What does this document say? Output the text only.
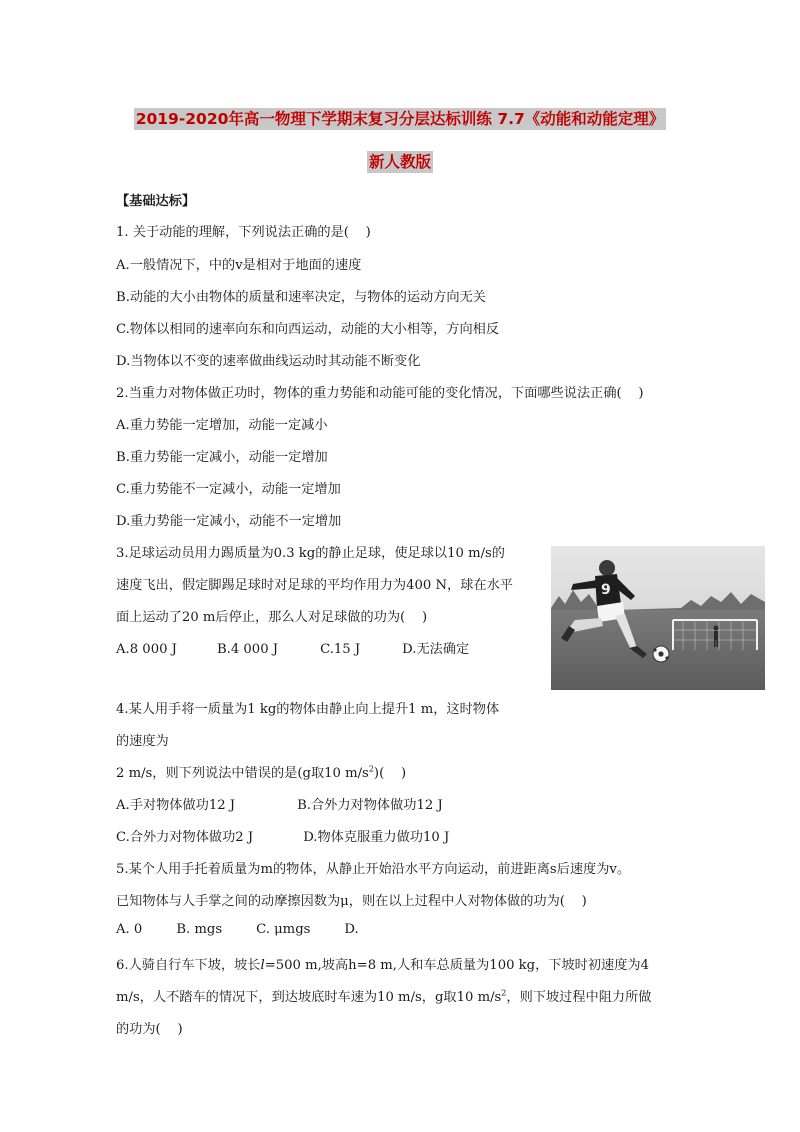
2019-2020年高一物理下学期末复习分层达标训练 7.7《动能和动能定理》
新人教版
【基础达标】
1. 关于动能的理解，下列说法正确的是(    )
A.一般情况下，中的v是相对于地面的速度
B.动能的大小由物体的质量和速率决定，与物体的运动方向无关
C.物体以相同的速率向东和向西运动，动能的大小相等，方向相反
D.当物体以不变的速率做曲线运动时其动能不断变化
2.当重力对物体做正功时，物体的重力势能和动能可能的变化情况，下面哪些说法正确(    )
A.重力势能一定增加，动能一定减小
B.重力势能一定减小，动能一定增加
C.重力势能不一定减小，动能一定增加
D.重力势能一定减小，动能不一定增加
3.足球运动员用力踢质量为0.3 kg的静止足球，使足球以10 m/s的
速度飞出，假定脚踢足球时对足球的平均作用力为400 N，球在水平
面上运动了20 m后停止，那么人对足球做的功为(    )
A.8 000 J	B.4 000 J	C.15 J	D.无法确定
9
4.某人用手将一质量为1 kg的物体由静止向上提升1 m，这时物体
的速度为
2 m/s，则下列说法中错误的是(g取10 $m/s^2$)(    )
A.手对物体做功12 J	B.合外力对物体做功12 J
C.合外力对物体做功2 J	D.物体克服重力做功10 J
5.某个人用手托着质量为m的物体，从静止开始沿水平方向运动，前进距离s后速度为v。
已知物体与人手掌之间的动摩擦因数为μ，则在以上过程中人对物体做的功为(    )
A. 0	B. mgs	C. μmgs	D.
6.人骑自行车下坡，坡长l=500 m,坡高h=8 m,人和车总质量为100 kg，下坡时初速度为4
m/s，人不踏车的情况下，到达坡底时车速为10 m/s，g取10 $m/s^2$，则下坡过程中阻力所做
的功为(    )
